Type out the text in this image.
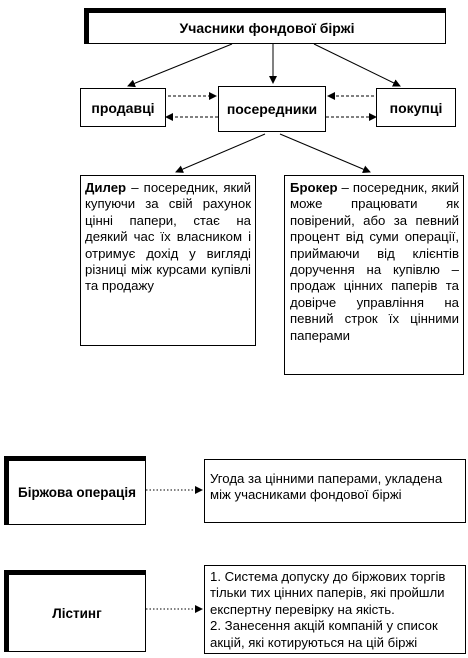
Учасники фондової біржі
продавці	посередники	покупці
Дилер – посередник, який купуючи за свій рахунок цінні папери, стає на деякий час їх власником і отримує дохід у вигляді різниці між курсами купівлі та продажу
Брокер – посередник, який може працювати як повірений, або за певний процент від суми операції, приймаючи від клієнтів доручення на купівлю – продаж цінних паперів та довірче управління на певний строк їх цінними паперами
Біржова операція
Угода за цінними паперами, укладена між учасниками фондової біржі
Лістинг

1. Система допуску до біржових торгів тільки тих цінних паперів, які пройшли експертну перевірку на якість.

2. Занесення акцій компаній у список акцій, які котируються на цій біржі
